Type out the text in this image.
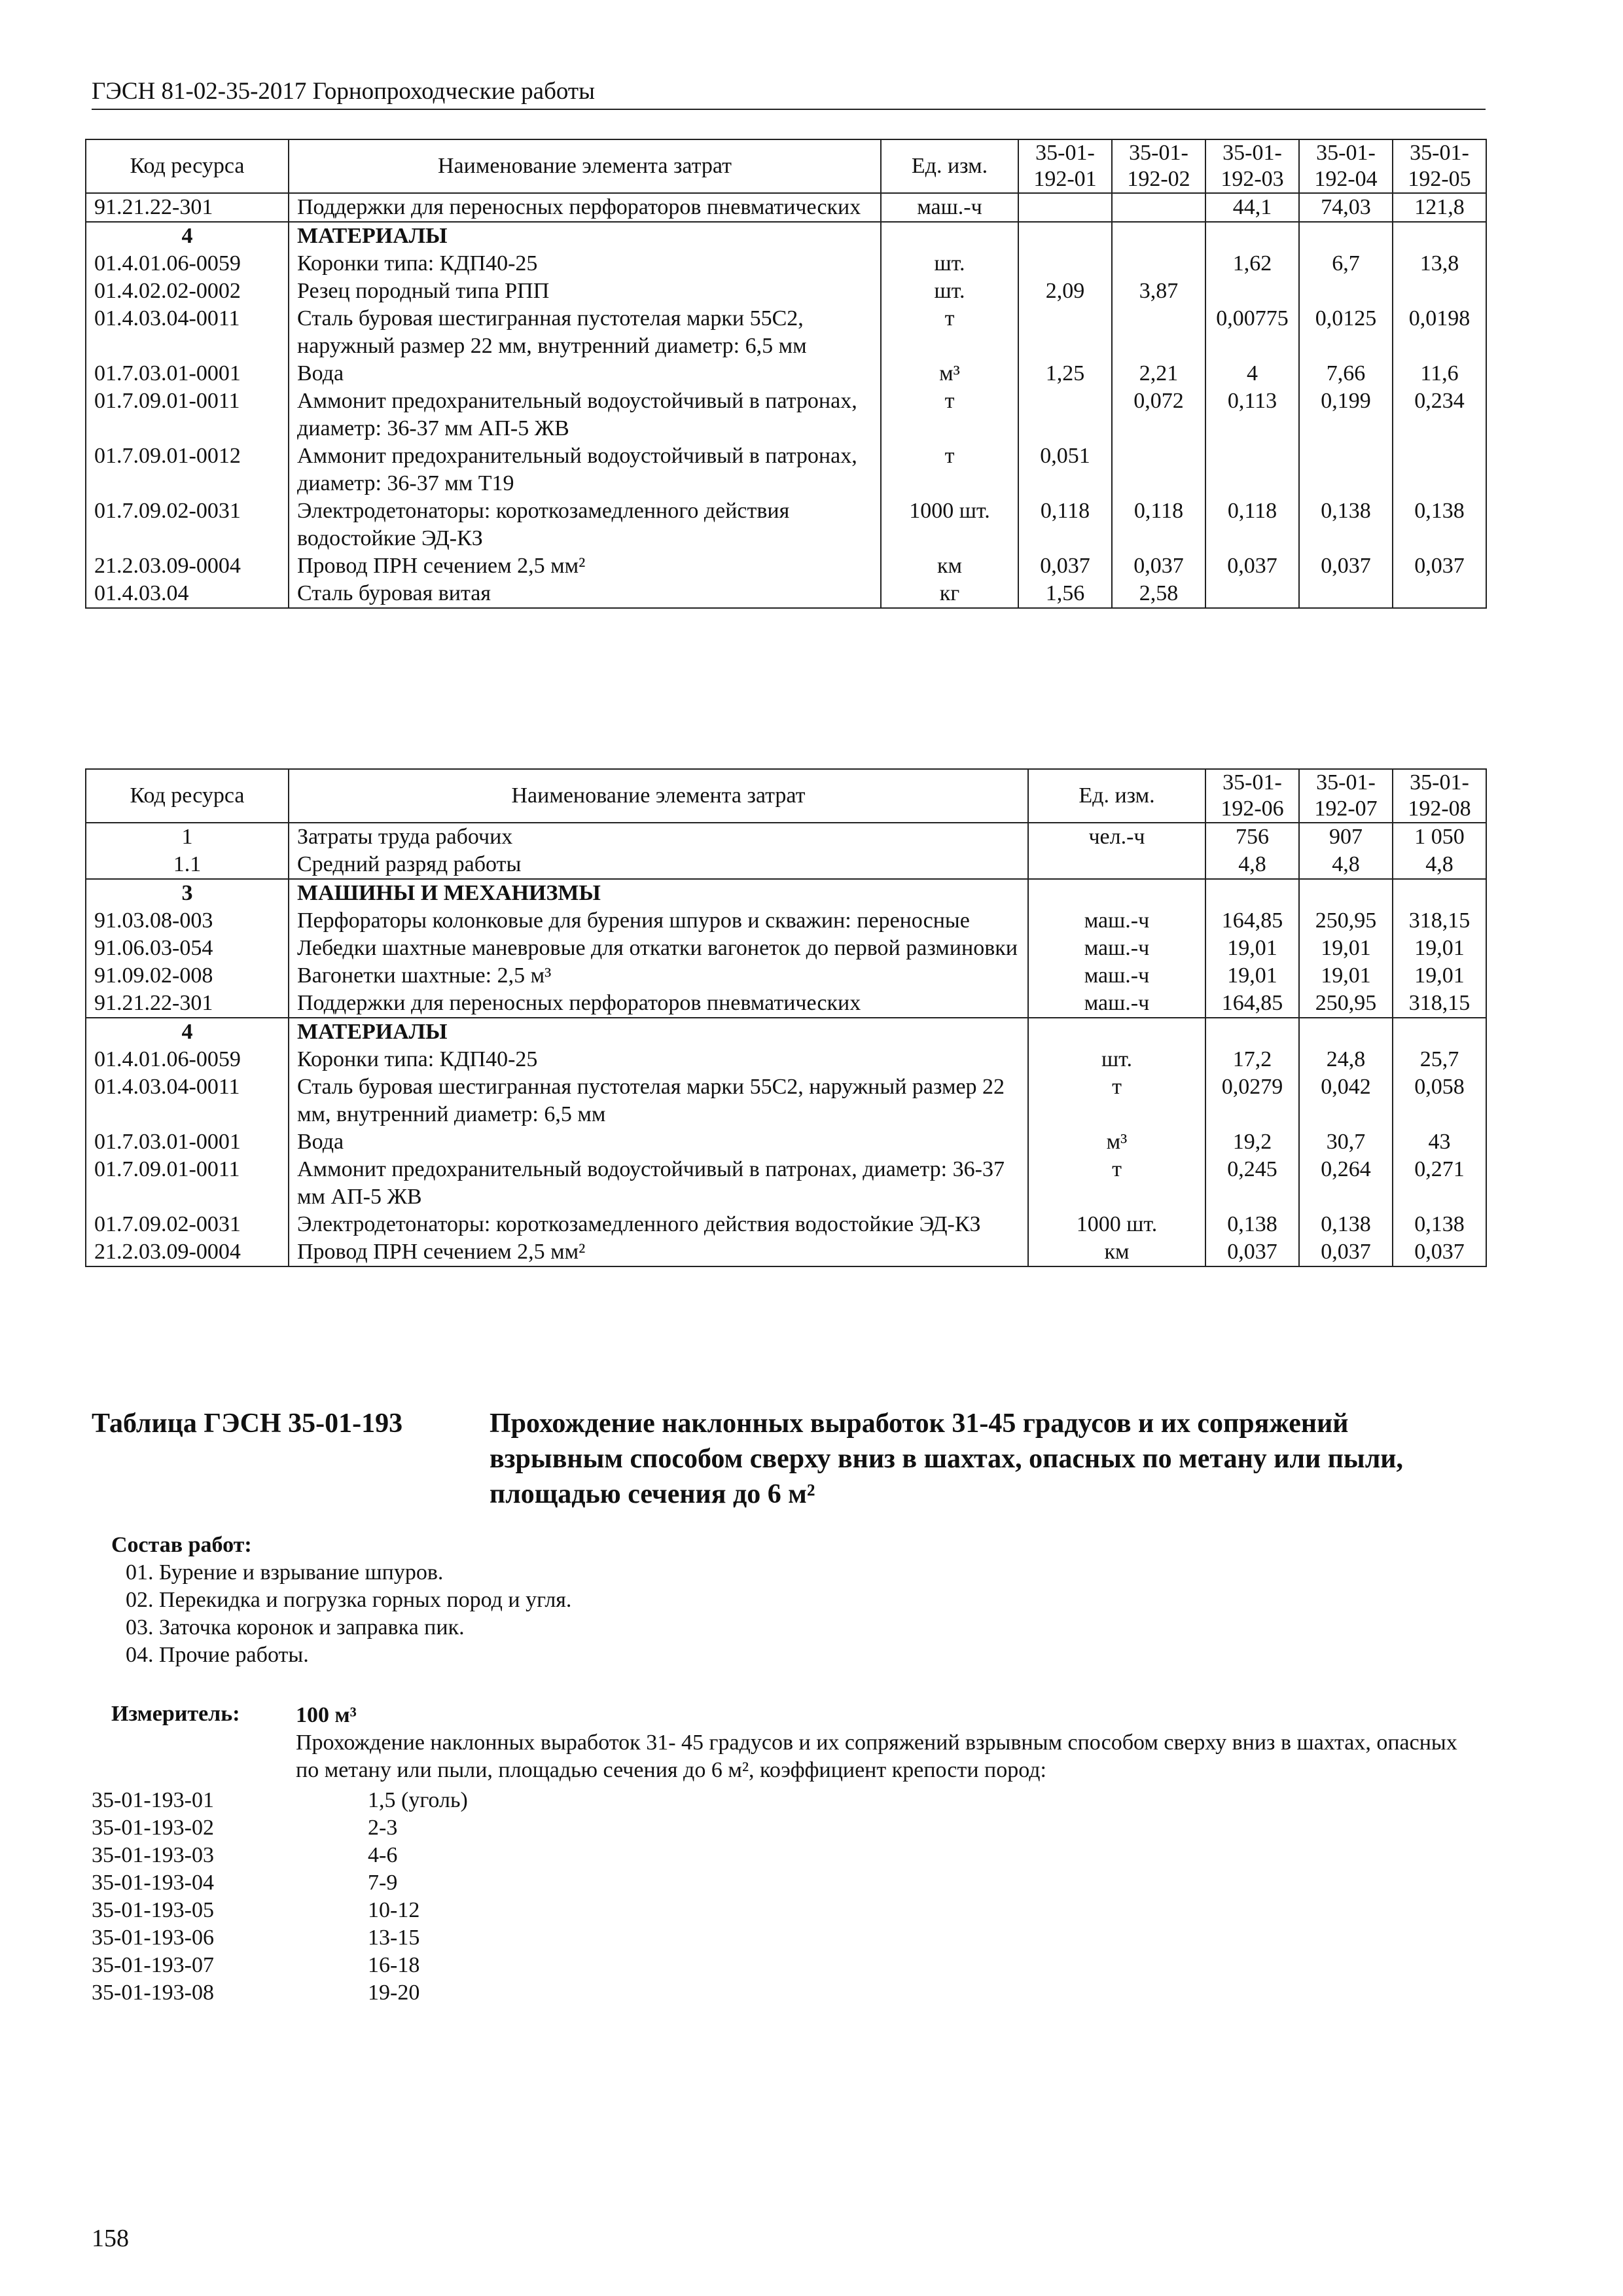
ГЭСН 81-02-35-2017 Горнопроходческие работы
Код ресурса	Наименование элемента затрат	Ед. изм.	35-01-192-01	35-01-192-02	35-01-192-03	35-01-192-04	35-01-192-05
91.21.22-301	Поддержки для переносных перфораторов пневматических	маш.-ч			44,1	74,03	121,8
4	МАТЕРИАЛЫ						
01.4.01.06-0059	Коронки типа: КДП40-25	шт.			1,62	6,7	13,8
01.4.02.02-0002	Резец породный типа РПП	шт.	2,09	3,87			
01.4.03.04-0011	Сталь буровая шестигранная пустотелая марки 55С2, наружный размер 22 мм, внутренний диаметр: 6,5 мм	т			0,00775	0,0125	0,0198
01.7.03.01-0001	Вода	м³	1,25	2,21	4	7,66	11,6
01.7.09.01-0011	Аммонит предохранительный водоустойчивый в патронах, диаметр: 36-37 мм АП-5 ЖВ	т		0,072	0,113	0,199	0,234
01.7.09.01-0012	Аммонит предохранительный водоустойчивый в патронах, диаметр: 36-37 мм Т19	т	0,051				
01.7.09.02-0031	Электродетонаторы: короткозамедленного действия водостойкие ЭД-КЗ	1000 шт.	0,118	0,118	0,118	0,138	0,138
21.2.03.09-0004	Провод ПРН сечением 2,5 мм²	км	0,037	0,037	0,037	0,037	0,037
01.4.03.04	Сталь буровая витая	кг	1,56	2,58			
Код ресурса	Наименование элемента затрат	Ед. изм.	35-01-192-06	35-01-192-07	35-01-192-08
1	Затраты труда рабочих	чел.-ч	756	907	1 050
1.1	Средний разряд работы		4,8	4,8	4,8
3	МАШИНЫ И МЕХАНИЗМЫ				
91.03.08-003	Перфораторы колонковые для бурения шпуров и скважин: переносные	маш.-ч	164,85	250,95	318,15
91.06.03-054	Лебедки шахтные маневровые для откатки вагонеток до первой разминовки	маш.-ч	19,01	19,01	19,01
91.09.02-008	Вагонетки шахтные: 2,5 м³	маш.-ч	19,01	19,01	19,01
91.21.22-301	Поддержки для переносных перфораторов пневматических	маш.-ч	164,85	250,95	318,15
4	МАТЕРИАЛЫ				
01.4.01.06-0059	Коронки типа: КДП40-25	шт.	17,2	24,8	25,7
01.4.03.04-0011	Сталь буровая шестигранная пустотелая марки 55С2, наружный размер 22 мм, внутренний диаметр: 6,5 мм	т	0,0279	0,042	0,058
01.7.03.01-0001	Вода	м³	19,2	30,7	43
01.7.09.01-0011	Аммонит предохранительный водоустойчивый в патронах, диаметр: 36-37 мм АП-5 ЖВ	т	0,245	0,264	0,271
01.7.09.02-0031	Электродетонаторы: короткозамедленного действия водостойкие ЭД-КЗ	1000 шт.	0,138	0,138	0,138
21.2.03.09-0004	Провод ПРН сечением 2,5 мм²	км	0,037	0,037	0,037
Таблица ГЭСН 35-01-193	Прохождение наклонных выработок 31-45 градусов и их сопряжений взрывным способом сверху вниз в шахтах, опасных по метану или пыли, площадью сечения до 6 м²
Состав работ:
01. Бурение и взрывание шпуров.
02. Перекидка и погрузка горных пород и угля.
03. Заточка коронок и заправка пик.
04. Прочие работы.
Измеритель:	100 м³
Прохождение наклонных выработок 31- 45 градусов и их сопряжений взрывным способом сверху вниз в шахтах, опасных по метану или пыли, площадью сечения до 6 м², коэффициент крепости пород:
35-01-193-01	1,5 (уголь)
35-01-193-02	2-3
35-01-193-03	4-6
35-01-193-04	7-9
35-01-193-05	10-12
35-01-193-06	13-15
35-01-193-07	16-18
35-01-193-08	19-20
158
